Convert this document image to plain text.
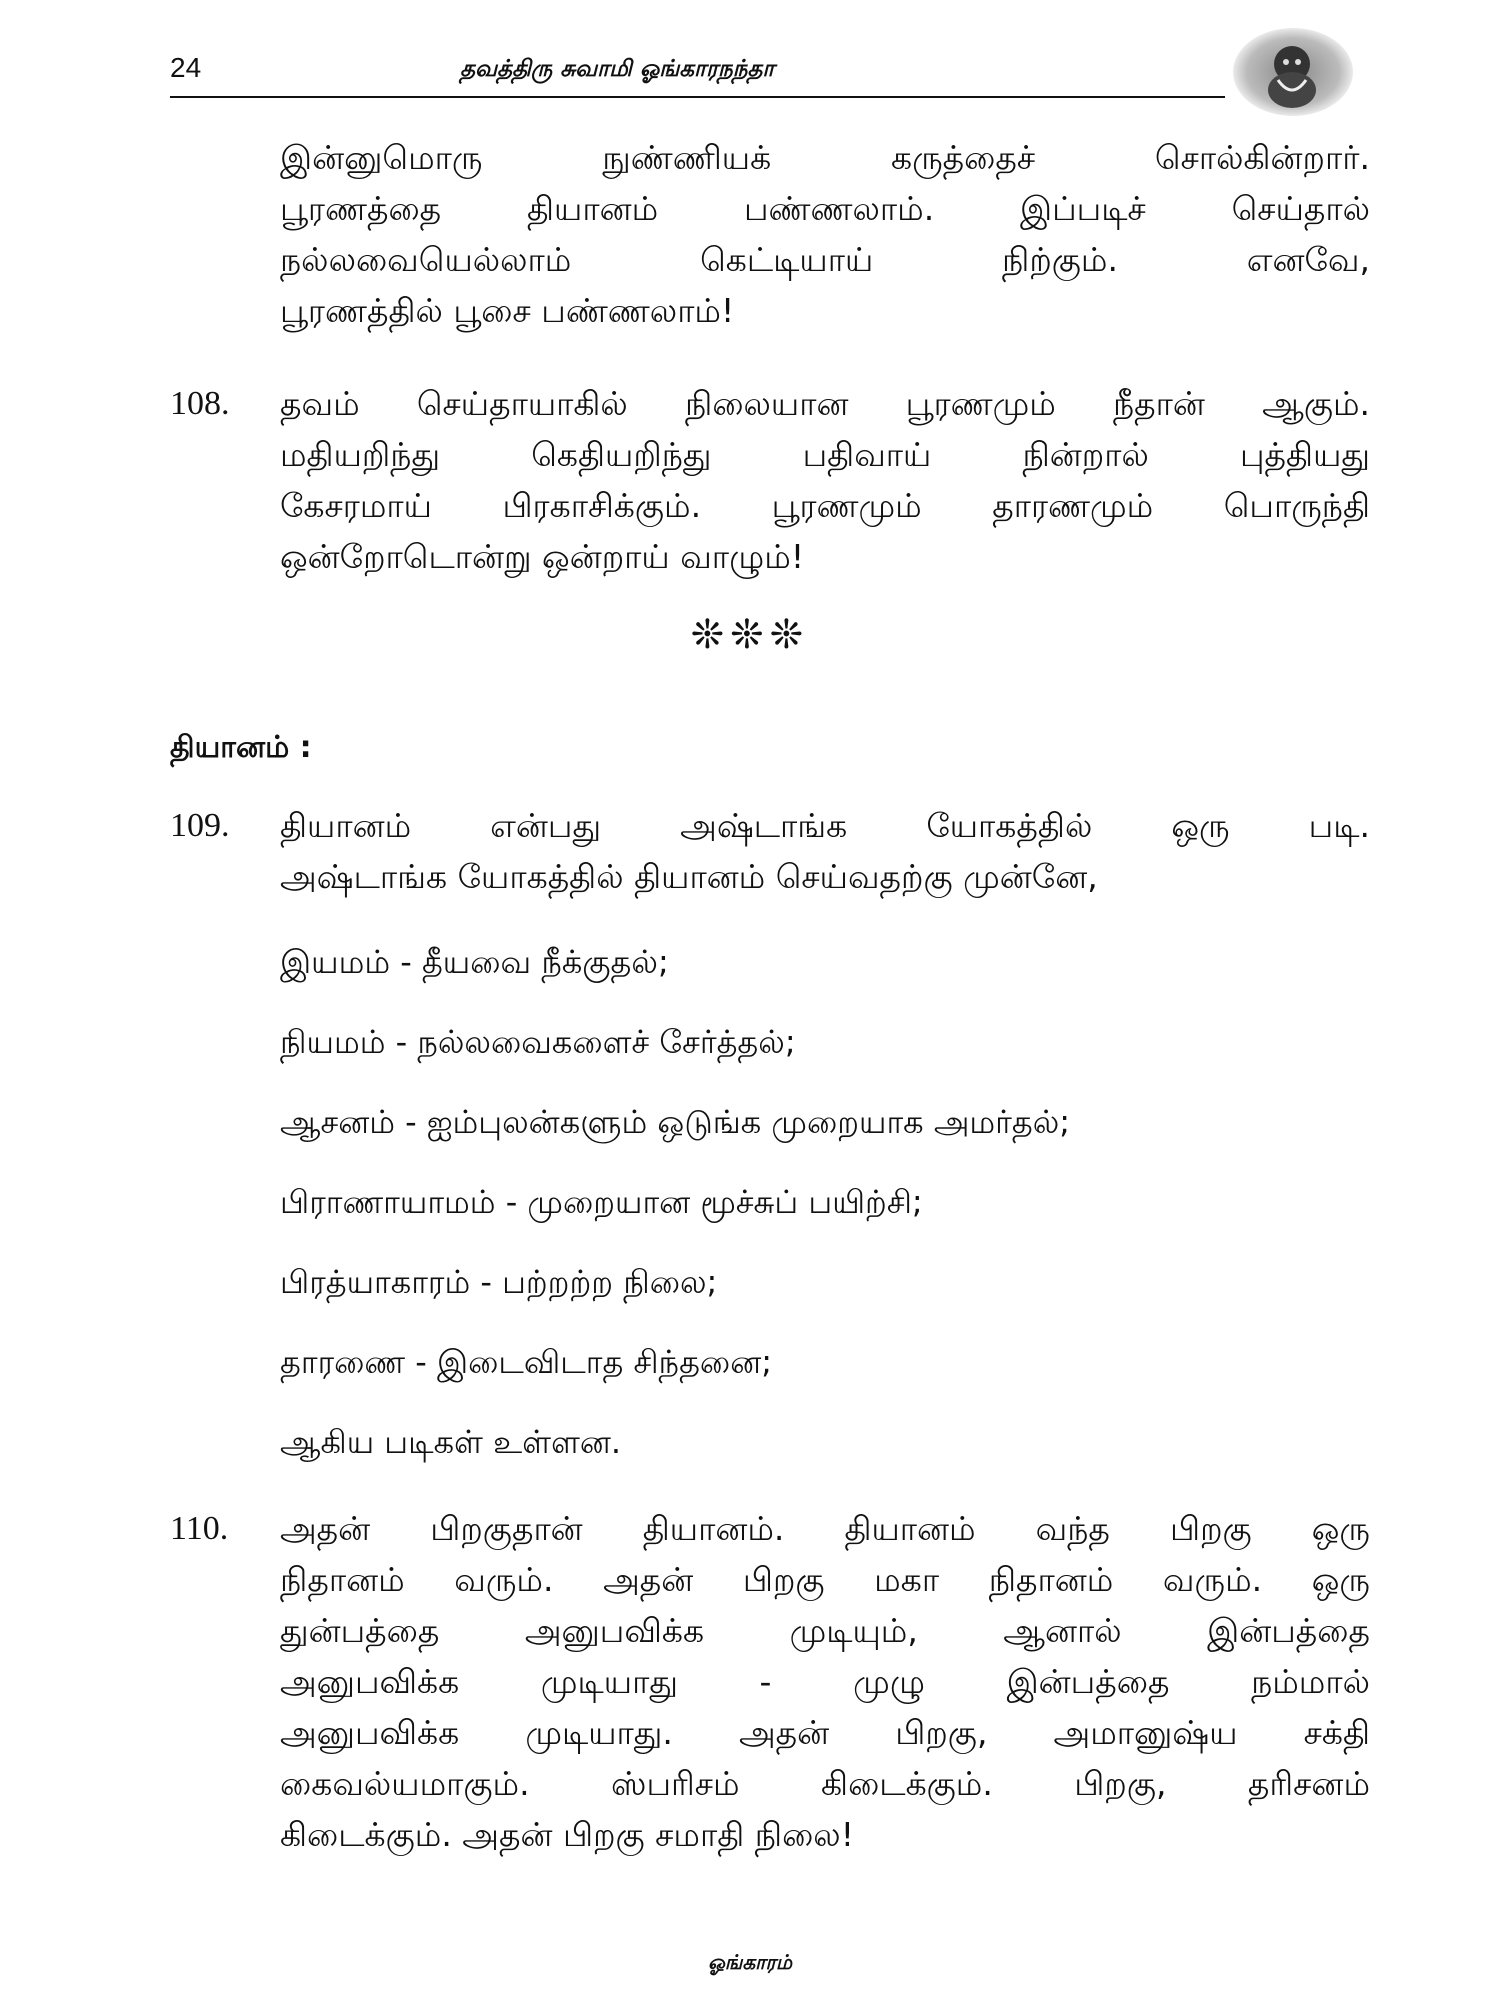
24	தவத்திரு சுவாமி ஓங்காரநந்தா

இன்னுமொரு நுண்ணியக் கருத்தைச் சொல்கின்றார்.

பூரணத்தை தியானம் பண்ணலாம். இப்படிச் செய்தால்

நல்லவையெல்லாம் கெட்டியாய் நிற்கும். எனவே,

பூரணத்தில் பூசை பண்ணலாம்!

108. தவம் செய்தாயாகில் நிலையான பூரணமும் நீதான் ஆகும்.

மதியறிந்து கெதியறிந்து பதிவாய் நின்றால் புத்தியது

கேசரமாய் பிரகாசிக்கும். பூரணமும் தாரணமும் பொருந்தி

ஒன்றோடொன்று ஒன்றாய் வாழும்!

❊❊❊
தியானம் :
109. தியானம் என்பது அஷ்டாங்க யோகத்தில் ஒரு படி.

அஷ்டாங்க யோகத்தில் தியானம் செய்வதற்கு முன்னே,

இயமம் - தீயவை நீக்குதல்;
நியமம் - நல்லவைகளைச் சேர்த்தல்;
ஆசனம் - ஐம்புலன்களும் ஒடுங்க முறையாக அமர்தல்;
பிராணாயாமம் - முறையான மூச்சுப் பயிற்சி;
பிரத்யாகாரம் - பற்றற்ற நிலை;
தாரணை - இடைவிடாத சிந்தனை;
ஆகிய படிகள் உள்ளன.
110. அதன் பிறகுதான் தியானம். தியானம் வந்த பிறகு ஒரு

நிதானம் வரும். அதன் பிறகு மகா நிதானம் வரும். ஒரு

துன்பத்தை அனுபவிக்க முடியும், ஆனால் இன்பத்தை

அனுபவிக்க முடியாது - முழு இன்பத்தை நம்மால்

அனுபவிக்க முடியாது. அதன் பிறகு, அமானுஷ்ய சக்தி

கைவல்யமாகும். ஸ்பரிசம் கிடைக்கும். பிறகு, தரிசனம்

கிடைக்கும். அதன் பிறகு சமாதி நிலை!

ஓங்காரம்
